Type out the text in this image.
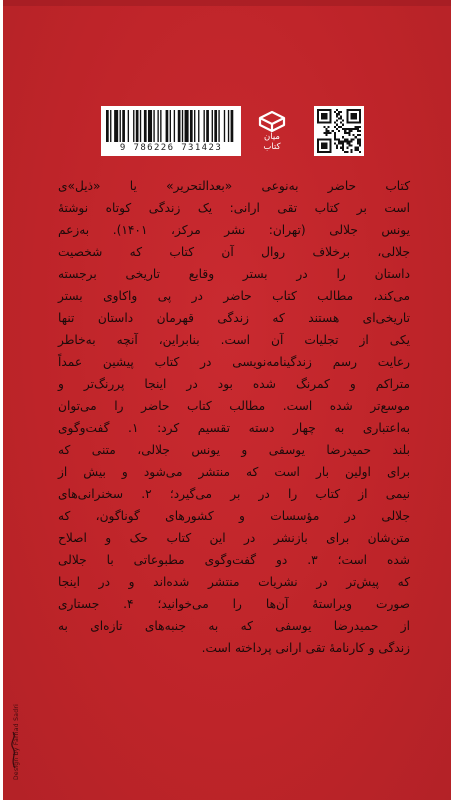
9 786226 731423
میان
کتاب
کتاب حاضر به‌نوعی «بعدالتحریر» یا «ذیل»ی
است بر کتاب تقی ارانی: یک زندگی کوتاه نوشتهٔ
یونس جلالی (تهران: نشر مرکز، ۱۴۰۱). به‌زعم
جلالی، برخلاف روال آن کتاب که شخصیت
داستان را در بستر وقایع تاریخی برجسته
می‌کند، مطالب کتاب حاضر در پی واکاوی بستر
تاریخی‌ای هستند که زندگی قهرمان داستان تنها
یکی از تجلیات آن است. بنابراین، آنچه به‌خاطر
رعایت رسم زندگینامه‌نویسی در کتاب پیشین عمداً
متراکم و کمرنگ شده بود در اینجا پررنگ‌تر و
موسع‌تر شده است. مطالب کتاب حاضر را می‌توان
به‌اعتباری به چهار دسته تقسیم کرد: ۱. گفت‌وگوی
بلند حمیدرضا یوسفی و یونس جلالی، متنی که
برای اولین بار است که منتشر می‌شود و بیش از
نیمی از کتاب را در بر می‌گیرد؛ ۲. سخنرانی‌های
جلالی در مؤسسات و کشورهای گوناگون، که
متن‌شان برای بازنشر در این کتاب حک و اصلاح
شده است؛ ۳. دو گفت‌وگوی مطبوعاتی با جلالی
که پیش‌تر در نشریات منتشر شده‌اند و در اینجا
صورت ویراستهٔ آن‌ها را می‌خوانید؛ ۴. جستاری
از حمیدرضا یوسفی که به جنبه‌های تازه‌ای به
زندگی و کارنامهٔ تقی ارانی پرداخته است.
Design by Farhad Sadri
